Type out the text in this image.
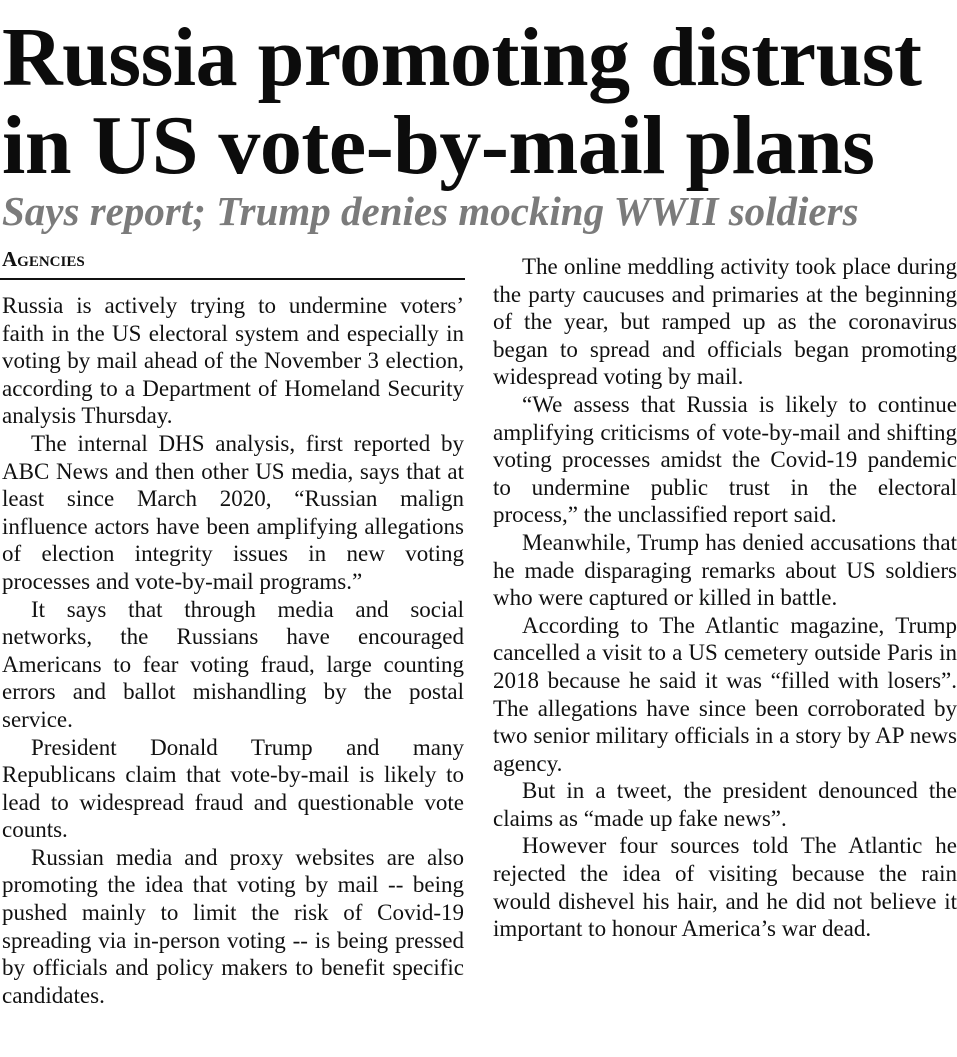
Russia promoting distrust in US vote-by-mail plans
Says report; Trump denies mocking WWII soldiers
Agencies

Russia is actively trying to undermine voters’ faith in the US electoral system and especially in voting by mail ahead of the November 3 election, according to a Department of Homeland Security analysis Thursday.

The internal DHS analysis, first reported by ABC News and then other US media, says that at least since March 2020, “Russian malign influence actors have been amplifying allegations of election integrity issues in new voting processes and vote-by-mail programs.”

It says that through media and social networks, the Russians have encouraged Americans to fear voting fraud, large counting errors and ballot mishandling by the postal service.

President Donald Trump and many Republicans claim that vote-by-mail is likely to lead to widespread fraud and questionable vote counts.

Russian media and proxy websites are also promoting the idea that voting by mail -- being pushed mainly to limit the risk of Covid-19 spreading via in-person voting -- is being pressed by officials and policy makers to benefit specific candidates.

The online meddling activity took place during the party caucuses and primaries at the beginning of the year, but ramped up as the coronavirus began to spread and officials began promoting widespread voting by mail.

“We assess that Russia is likely to continue amplifying criticisms of vote-by-mail and shifting voting processes amidst the Covid-19 pandemic to undermine public trust in the electoral process,” the unclassified report said.

Meanwhile, Trump has denied accusations that he made disparaging remarks about US soldiers who were captured or killed in battle.

According to The Atlantic magazine, Trump cancelled a visit to a US cemetery outside Paris in 2018 because he said it was “filled with losers”. The allegations have since been corroborated by two senior military officials in a story by AP news agency.

But in a tweet, the president denounced the claims as “made up fake news”.

However four sources told The Atlantic he rejected the idea of visiting because the rain would dishevel his hair, and he did not believe it important to honour America’s war dead.
